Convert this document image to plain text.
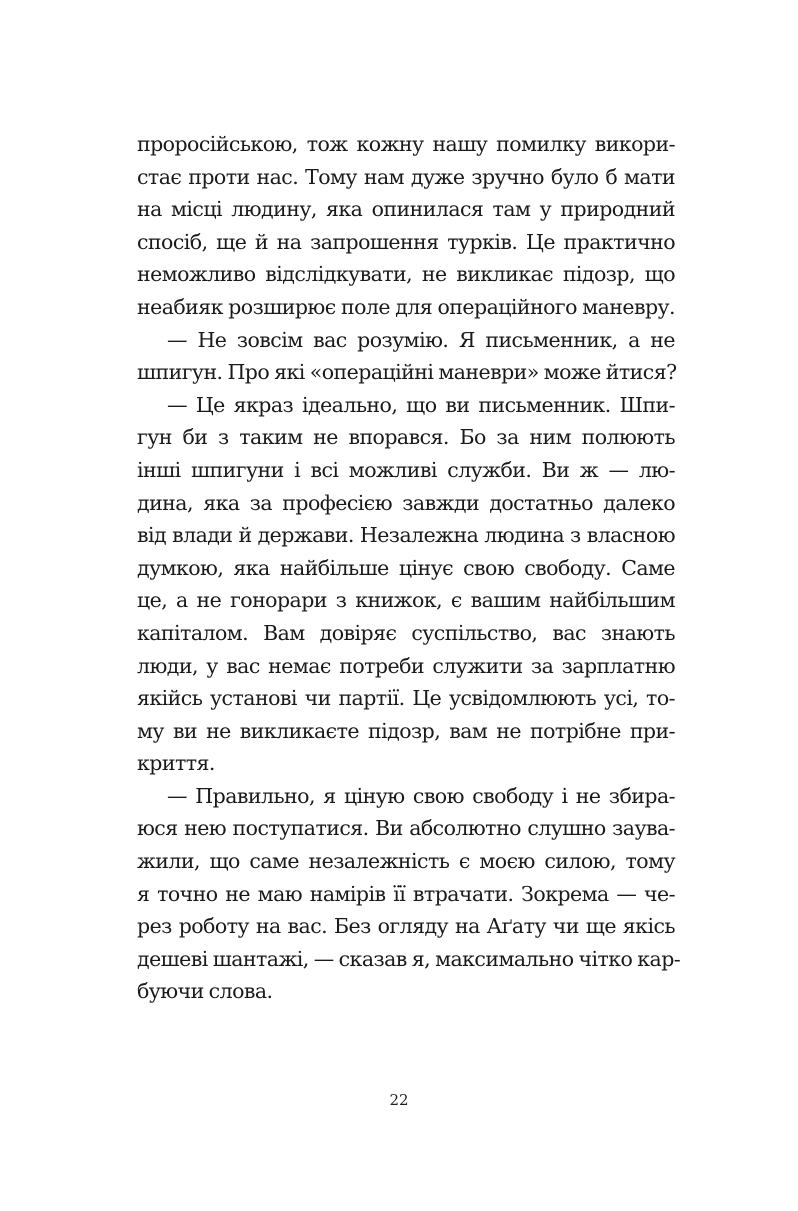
проросійською, тож кожну нашу помилку викори-
стає проти нас. Тому нам дуже зручно було б мати
на місці людину, яка опинилася там у природний
спосіб, ще й на запрошення турків. Це практично
неможливо відслідкувати, не викликає підозр, що
неабияк розширює поле для операційного маневру.
— Не зовсім вас розумію. Я письменник, а не
шпигун. Про які «операційні маневри» може йтися?
— Це якраз ідеально, що ви письменник. Шпи-
гун би з таким не впорався. Бо за ним полюють
інші шпигуни і всі можливі служби. Ви ж — лю-
дина, яка за професією завжди достатньо далеко
від влади й держави. Незалежна людина з власною
думкою, яка найбільше цінує свою свободу. Саме
це, а не гонорари з книжок, є вашим найбільшим
капіталом. Вам довіряє суспільство, вас знають
люди, у вас немає потреби служити за зарплатню
якійсь установі чи партії. Це усвідомлюють усі, то-
му ви не викликаєте підозр, вам не потрібне при-
криття.
— Правильно, я ціную свою свободу і не збира-
юся нею поступатися. Ви абсолютно слушно заува-
жили, що саме незалежність є моєю силою, тому
я точно не маю намірів її втрачати. Зокрема — че-
рез роботу на вас. Без огляду на Аґату чи ще якісь
дешеві шантажі, — сказав я, максимально чітко кар-
буючи слова.
22
